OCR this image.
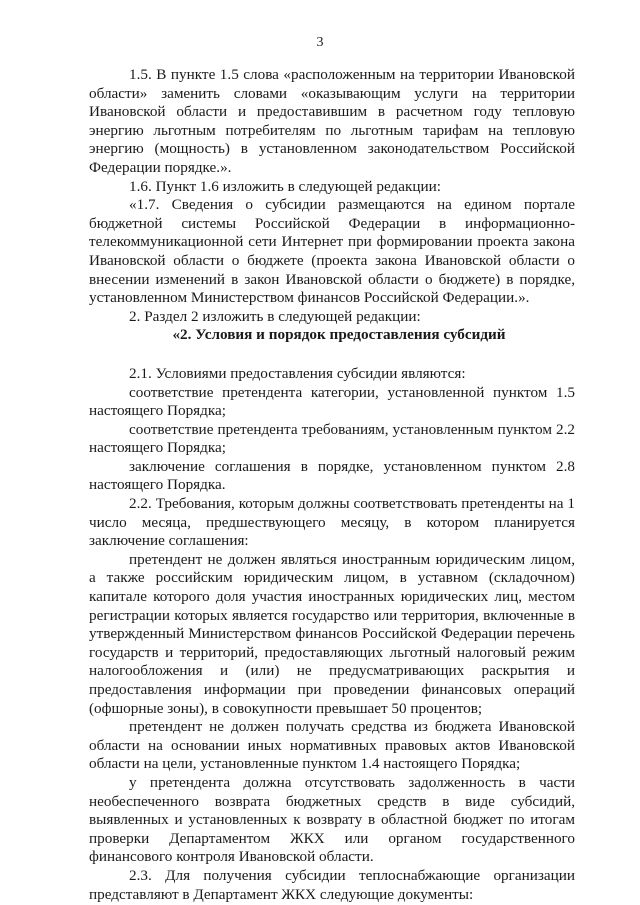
3

1.5. В пункте 1.5 слова «расположенным на территории Ивановской области» заменить словами «оказывающим услуги на территории Ивановской области и предоставившим в расчетном году тепловую энергию льготным потребителям по льготным тарифам на тепловую энергию (мощность) в установленном законодательством Российской Федерации порядке.».

1.6. Пункт 1.6 изложить в следующей редакции:

«1.7. Сведения о субсидии размещаются на едином портале бюджетной системы Российской Федерации в информационно-телекоммуникационной сети Интернет при формировании проекта закона Ивановской области о бюджете (проекта закона Ивановской области о внесении изменений в закон Ивановской области о бюджете) в порядке, установленном Министерством финансов Российской Федерации.».

2. Раздел 2 изложить в следующей редакции:

«2. Условия и порядок предоставления субсидий

2.1. Условиями предоставления субсидии являются:

соответствие претендента категории, установленной пунктом 1.5 настоящего Порядка;

соответствие претендента требованиям, установленным пунктом 2.2 настоящего Порядка;

заключение соглашения в порядке, установленном пунктом 2.8 настоящего Порядка.

2.2. Требования, которым должны соответствовать претенденты на 1 число месяца, предшествующего месяцу, в котором планируется заключение соглашения:

претендент не должен являться иностранным юридическим лицом, а также российским юридическим лицом, в уставном (складочном) капитале которого доля участия иностранных юридических лиц, местом регистрации которых является государство или территория, включенные в утвержденный Министерством финансов Российской Федерации перечень государств и территорий, предоставляющих льготный налоговый режим налогообложения и (или) не предусматривающих раскрытия и предоставления информации при проведении финансовых операций (офшорные зоны), в совокупности превышает 50 процентов;

претендент не должен получать средства из бюджета Ивановской области на основании иных нормативных правовых актов Ивановской области на цели, установленные пунктом 1.4 настоящего Порядка;

у претендента должна отсутствовать задолженность в части необеспеченного возврата бюджетных средств в виде субсидий, выявленных и установленных к возврату в областной бюджет по итогам проверки Департаментом ЖКХ или органом государственного финансового контроля Ивановской области.

2.3. Для получения субсидии теплоснабжающие организации представляют в Департамент ЖКХ следующие документы:
